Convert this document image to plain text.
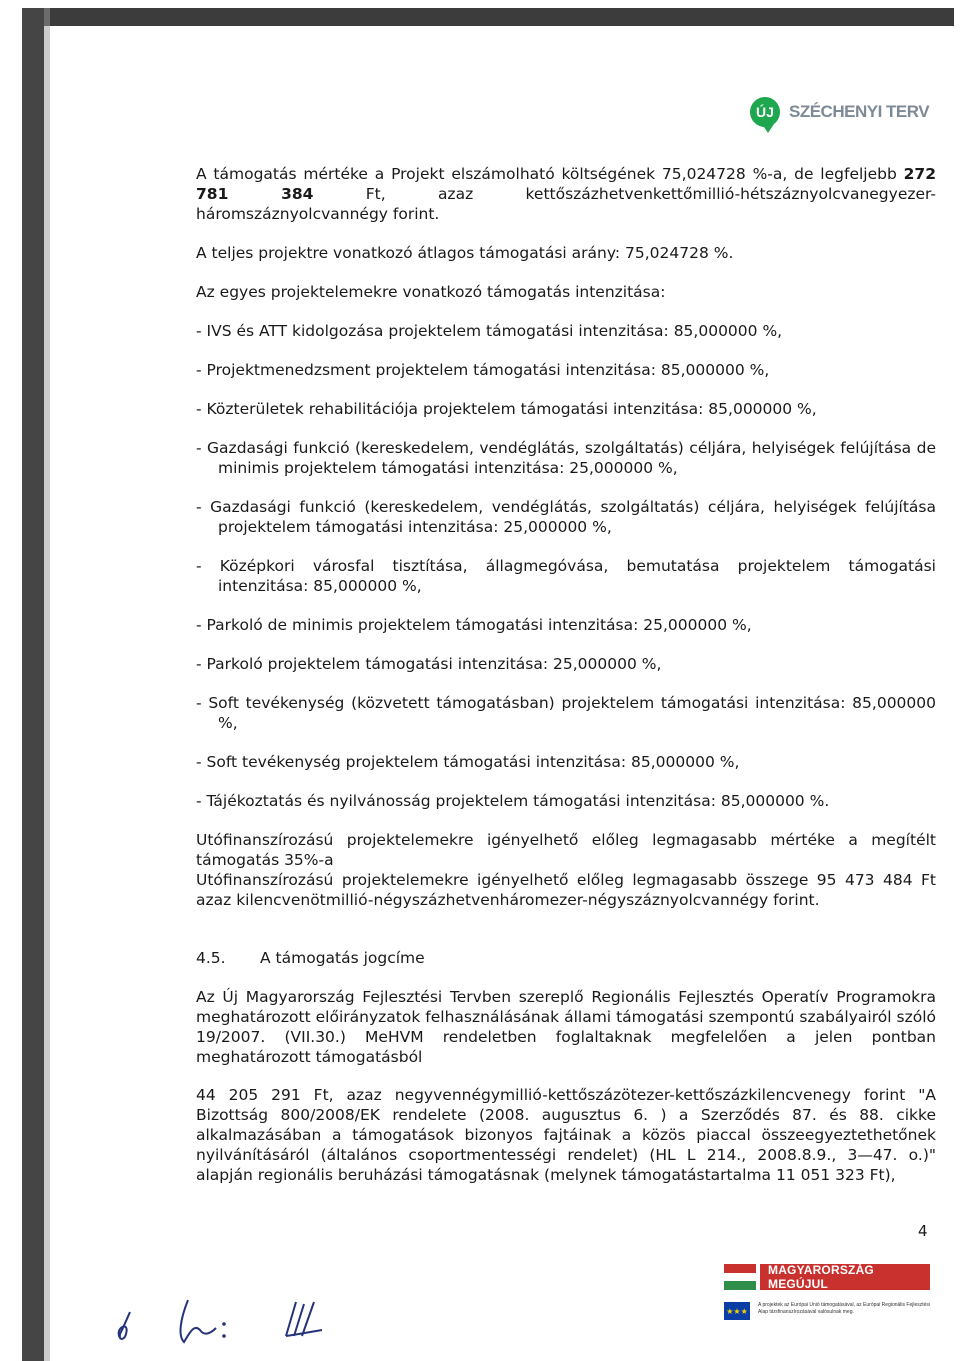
ÚJ SZÉCHENYI TERV

A támogatás mértéke a Projekt elszámolható költségének 75,024728 %-a, de legfeljebb 272 781 384 Ft, azaz kettőszázhetvenkettőmillió-hétszáznyolcvanegyezer-háromszáznyolcvannégy forint.

A teljes projektre vonatkozó átlagos támogatási arány: 75,024728 %.

Az egyes projektelemekre vonatkozó támogatás intenzitása:

- IVS és ATT kidolgozása projektelem támogatási intenzitása: 85,000000 %,

- Projektmenedzsment projektelem támogatási intenzitása: 85,000000 %,

- Közterületek rehabilitációja projektelem támogatási intenzitása: 85,000000 %,

- Gazdasági funkció (kereskedelem, vendéglátás, szolgáltatás) céljára, helyiségek felújítása de minimis projektelem támogatási intenzitása: 25,000000 %,

- Gazdasági funkció (kereskedelem, vendéglátás, szolgáltatás) céljára, helyiségek felújítása projektelem támogatási intenzitása: 25,000000 %,

- Középkori városfal tisztítása, állagmegóvása, bemutatása projektelem támogatási intenzitása: 85,000000 %,

- Parkoló de minimis projektelem támogatási intenzitása: 25,000000 %,

- Parkoló projektelem támogatási intenzitása: 25,000000 %,

- Soft tevékenység (közvetett támogatásban) projektelem támogatási intenzitása: 85,000000 %,

- Soft tevékenység projektelem támogatási intenzitása: 85,000000 %,

- Tájékoztatás és nyilvánosság projektelem támogatási intenzitása: 85,000000 %.

Utófinanszírozású projektelemekre igényelhető előleg legmagasabb mértéke a megítélt támogatás 35%-a

Utófinanszírozású projektelemekre igényelhető előleg legmagasabb összege 95 473 484 Ft azaz kilencvenötmillió-négyszázhetvenháromezer-négyszáznyolcvannégy forint.

4.5.	A támogatás jogcíme

Az Új Magyarország Fejlesztési Tervben szereplő Regionális Fejlesztés Operatív Programokra meghatározott előirányzatok felhasználásának állami támogatási szempontú szabályairól szóló 19/2007. (VII.30.) MeHVM rendeletben foglaltaknak megfelelően a jelen pontban meghatározott támogatásból

44 205 291 Ft, azaz negyvennégymillió-kettőszázötezer-kettőszázkilencvenegy forint "A Bizottság 800/2008/EK rendelete (2008. augusztus 6. ) a Szerződés 87. és 88. cikke alkalmazásában a támogatások bizonyos fajtáinak a közös piaccal összeegyeztethetőnek nyilvánításáról (általános csoportmentességi rendelet) (HL L 214., 2008.8.9., 3—47. o.)" alapján regionális beruházási támogatásnak (melynek támogatástartalma 11 051 323 Ft),

4
MAGYARORSZÁG MEGÚJUL
★★★
A projektek az Európai Unió támogatásával, az Európai Regionális Fejlesztési Alap társfinanszírozásával valósulnak meg.
